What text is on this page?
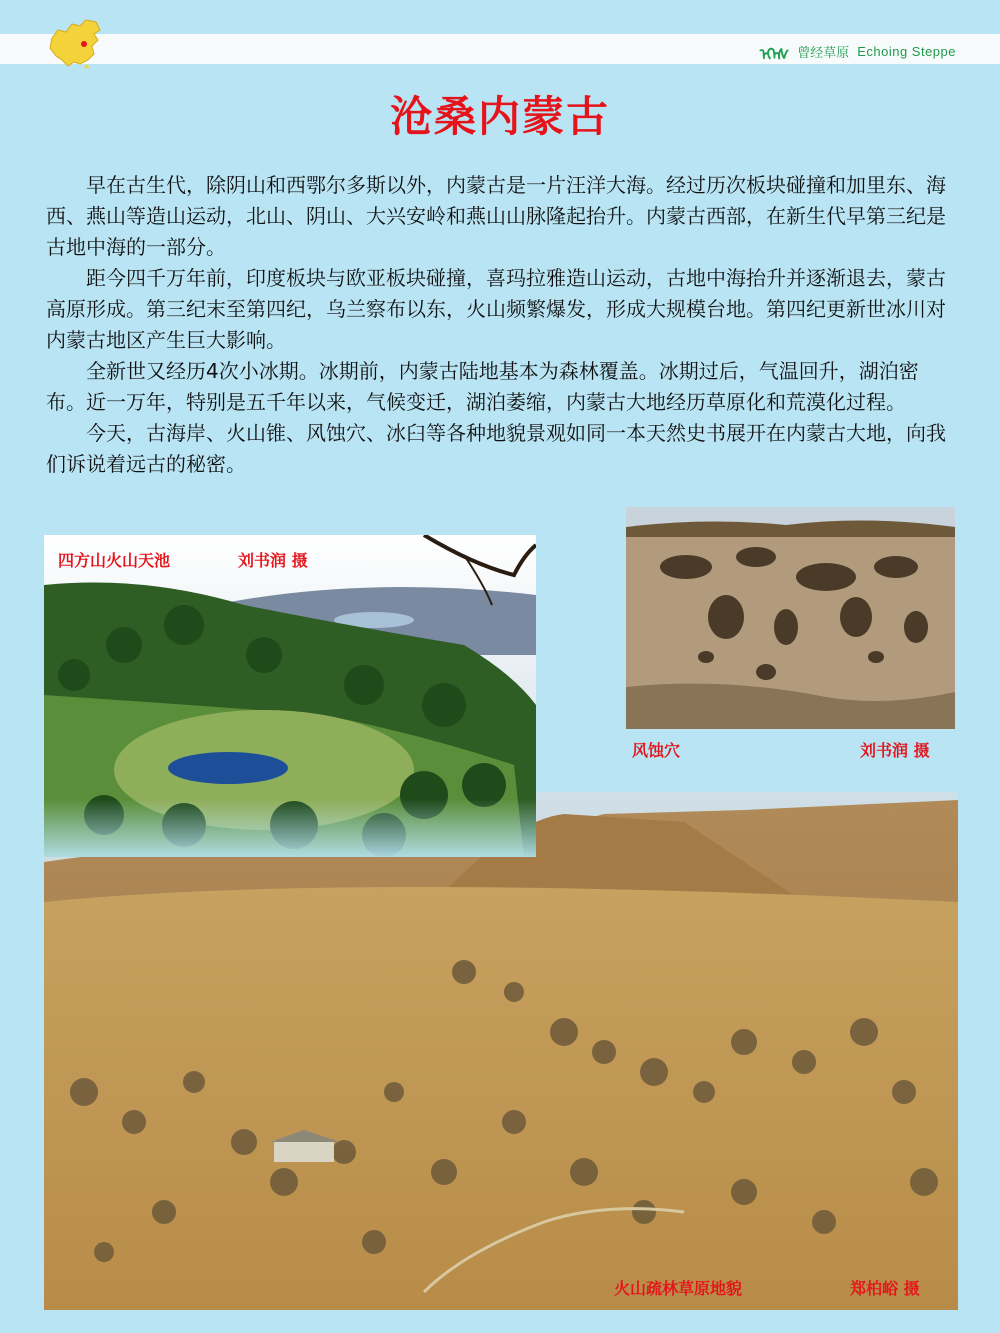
ᠡᠬᠡᠰ 曾经草原 Echoing Steppe
沧桑内蒙古

早在古生代，除阴山和西鄂尔多斯以外，内蒙古是一片汪洋大海。经过历次板块碰撞和加里东、海西、燕山等造山运动，北山、阴山、大兴安岭和燕山山脉隆起抬升。内蒙古西部，在新生代早第三纪是古地中海的一部分。

距今四千万年前，印度板块与欧亚板块碰撞，喜玛拉雅造山运动，古地中海抬升并逐渐退去，蒙古高原形成。第三纪末至第四纪，乌兰察布以东，火山频繁爆发，形成大规模台地。第四纪更新世冰川对内蒙古地区产生巨大影响。

全新世又经历4次小冰期。冰期前，内蒙古陆地基本为森林覆盖。冰期过后，气温回升，湖泊密布。近一万年，特别是五千年以来，气候变迁，湖泊萎缩，内蒙古大地经历草原化和荒漠化过程。

今天，古海岸、火山锥、风蚀穴、冰臼等各种地貌景观如同一本天然史书展开在内蒙古大地，向我们诉说着远古的秘密。

四方山火山天池	刘书润 摄
风蚀穴	刘书润 摄
火山疏林草原地貌	郑柏峪 摄
